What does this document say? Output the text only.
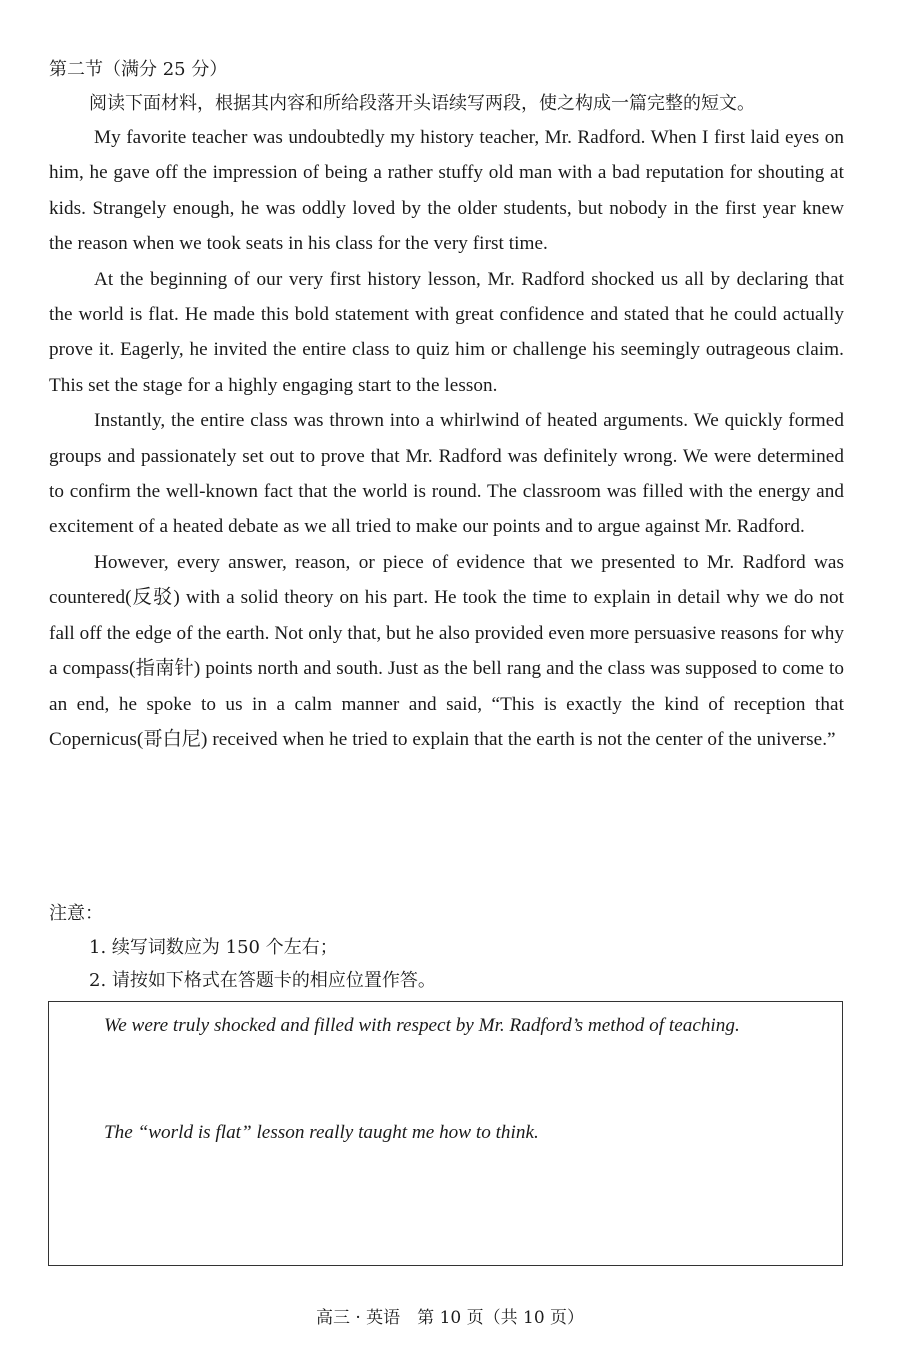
第二节（满分 25 分）
阅读下面材料，根据其内容和所给段落开头语续写两段，使之构成一篇完整的短文。

My favorite teacher was undoubtedly my history teacher, Mr. Radford. When I first laid eyes on him, he gave off the impression of being a rather stuffy old man with a bad reputation for shouting at kids. Strangely enough, he was oddly loved by the older students, but nobody in the first year knew the reason when we took seats in his class for the very first time.

At the beginning of our very first history lesson, Mr. Radford shocked us all by declaring that the world is flat. He made this bold statement with great confidence and stated that he could actually prove it. Eagerly, he invited the entire class to quiz him or challenge his seemingly outrageous claim. This set the stage for a highly engaging start to the lesson.

Instantly, the entire class was thrown into a whirlwind of heated arguments. We quickly formed groups and passionately set out to prove that Mr. Radford was definitely wrong. We were determined to confirm the well-known fact that the world is round. The classroom was filled with the energy and excitement of a heated debate as we all tried to make our points and to argue against Mr. Radford.

However, every answer, reason, or piece of evidence that we presented to Mr. Radford was countered(反驳) with a solid theory on his part. He took the time to explain in detail why we do not fall off the edge of the earth. Not only that, but he also provided even more persuasive reasons for why a compass(指南针) points north and south. Just as the bell rang and the class was supposed to come to an end, he spoke to us in a calm manner and said, “This is exactly the kind of reception that Copernicus(哥白尼) received when he tried to explain that the earth is not the center of the universe.”

注意：
1. 续写词数应为 150 个左右；
2. 请按如下格式在答题卡的相应位置作答。
We were truly shocked and filled with respect by Mr. Radford’s method of teaching.
The “world is flat” lesson really taught me how to think.
高三 · 英语　第 10 页（共 10 页）
